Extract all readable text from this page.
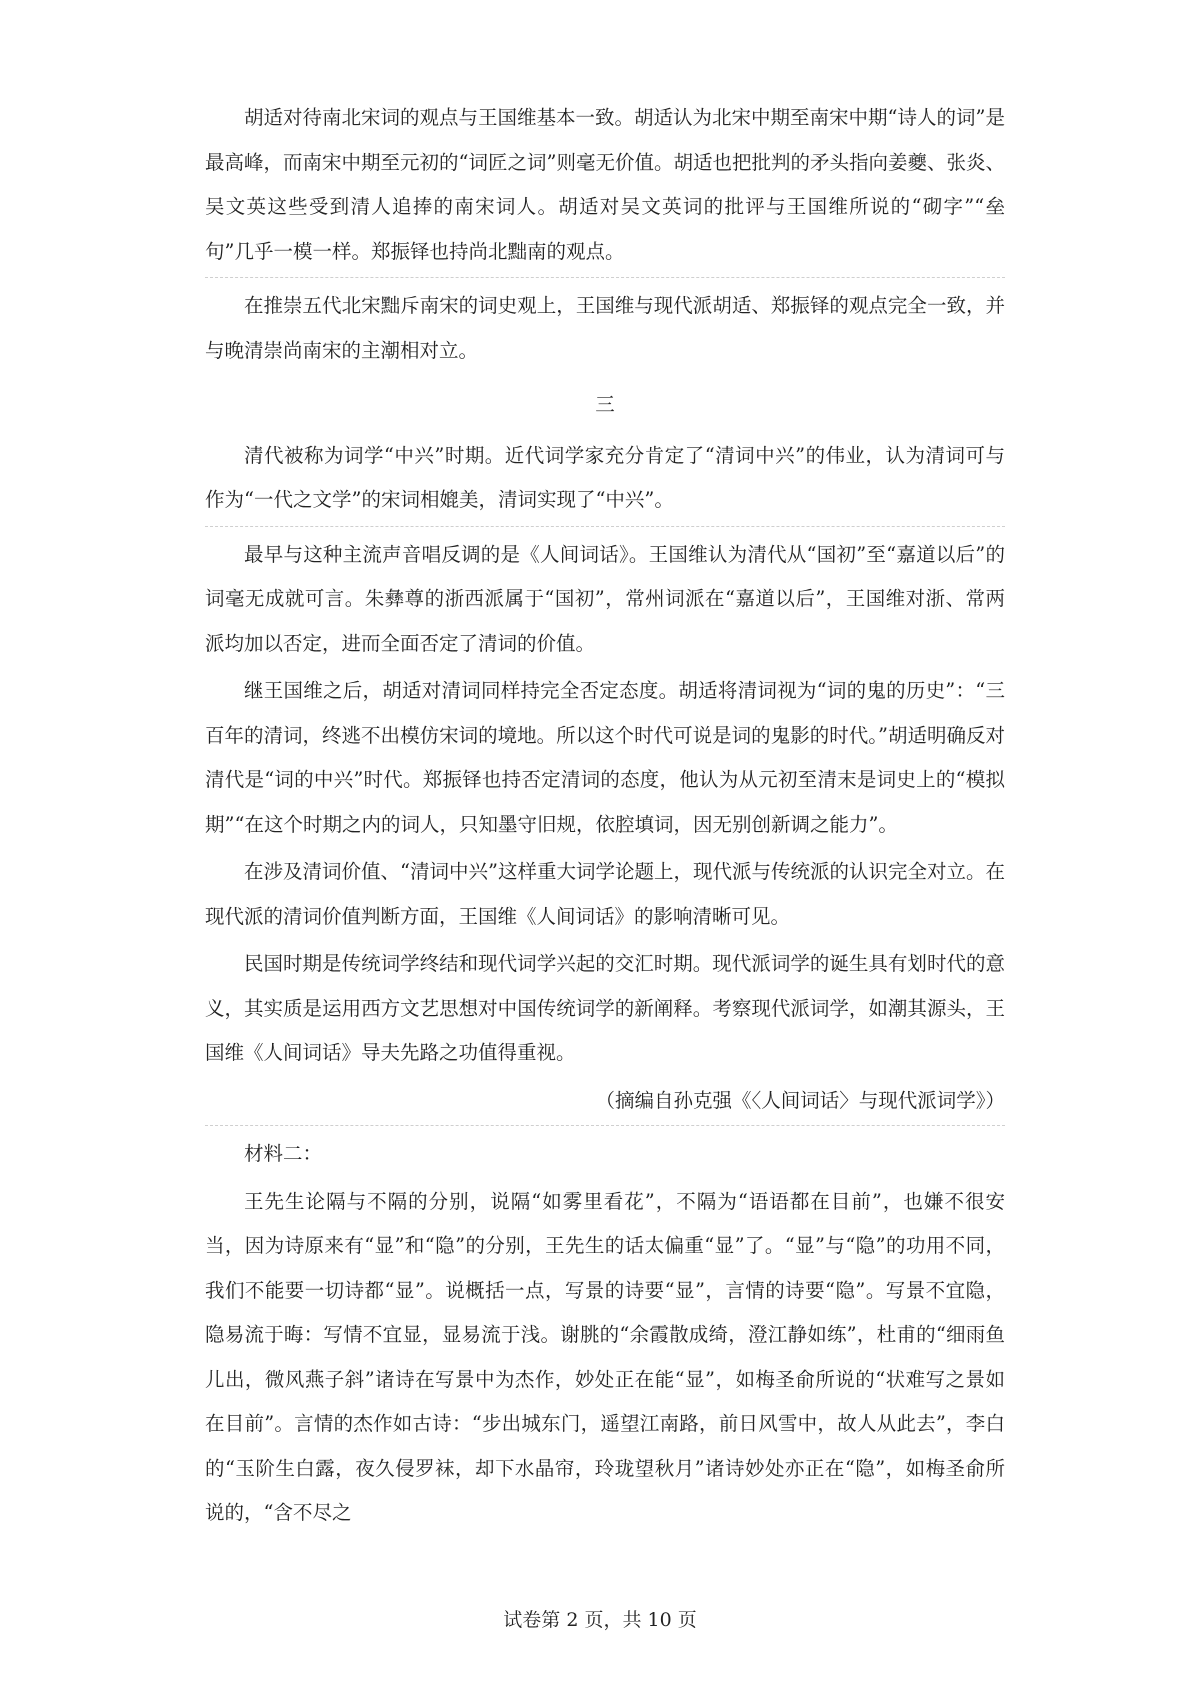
胡适对待南北宋词的观点与王国维基本一致。胡适认为北宋中期至南宋中期“诗人的词”是最高峰，而南宋中期至元初的“词匠之词”则毫无价值。胡适也把批判的矛头指向姜夔、张炎、吴文英这些受到清人追捧的南宋词人。胡适对吴文英词的批评与王国维所说的“砌字”“垒句”几乎一模一样。郑振铎也持尚北黜南的观点。

在推崇五代北宋黜斥南宋的词史观上，王国维与现代派胡适、郑振铎的观点完全一致，并与晚清崇尚南宋的主潮相对立。

三

清代被称为词学“中兴”时期。近代词学家充分肯定了“清词中兴”的伟业，认为清词可与作为“一代之文学”的宋词相媲美，清词实现了“中兴”。

最早与这种主流声音唱反调的是《人间词话》。王国维认为清代从“国初”至“嘉道以后”的词毫无成就可言。朱彝尊的浙西派属于“国初”，常州词派在“嘉道以后”，王国维对浙、常两派均加以否定，进而全面否定了清词的价值。

继王国维之后，胡适对清词同样持完全否定态度。胡适将清词视为“词的鬼的历史”：“三百年的清词，终逃不出模仿宋词的境地。所以这个时代可说是词的鬼影的时代。”胡适明确反对清代是“词的中兴”时代。郑振铎也持否定清词的态度，他认为从元初至清末是词史上的“模拟期”“在这个时期之内的词人，只知墨守旧规，依腔填词，因无别创新调之能力”。

在涉及清词价值、“清词中兴”这样重大词学论题上，现代派与传统派的认识完全对立。在现代派的清词价值判断方面，王国维《人间词话》的影响清晰可见。

民国时期是传统词学终结和现代词学兴起的交汇时期。现代派词学的诞生具有划时代的意义，其实质是运用西方文艺思想对中国传统词学的新阐释。考察现代派词学，如潮其源头，王国维《人间词话》导夫先路之功值得重视。

（摘编自孙克强《〈人间词话〉与现代派词学》）

材料二：

王先生论隔与不隔的分别，说隔“如雾里看花”，不隔为“语语都在目前”，也嫌不很安当，因为诗原来有“显”和“隐”的分别，王先生的话太偏重“显”了。“显”与“隐”的功用不同，我们不能要一切诗都“显”。说概括一点，写景的诗要“显”，言情的诗要“隐”。写景不宜隐，隐易流于晦：写情不宜显，显易流于浅。谢朓的“余霞散成绮，澄江静如练”，杜甫的“细雨鱼儿出，微风燕子斜”诸诗在写景中为杰作，妙处正在能“显”，如梅圣俞所说的“状难写之景如在目前”。言情的杰作如古诗：“步出城东门，遥望江南路，前日风雪中，故人从此去”，李白的“玉阶生白露，夜久侵罗袜，却下水晶帘，玲珑望秋月”诸诗妙处亦正在“隐”，如梅圣俞所说的，“含不尽之

试卷第 2 页，共 10 页
